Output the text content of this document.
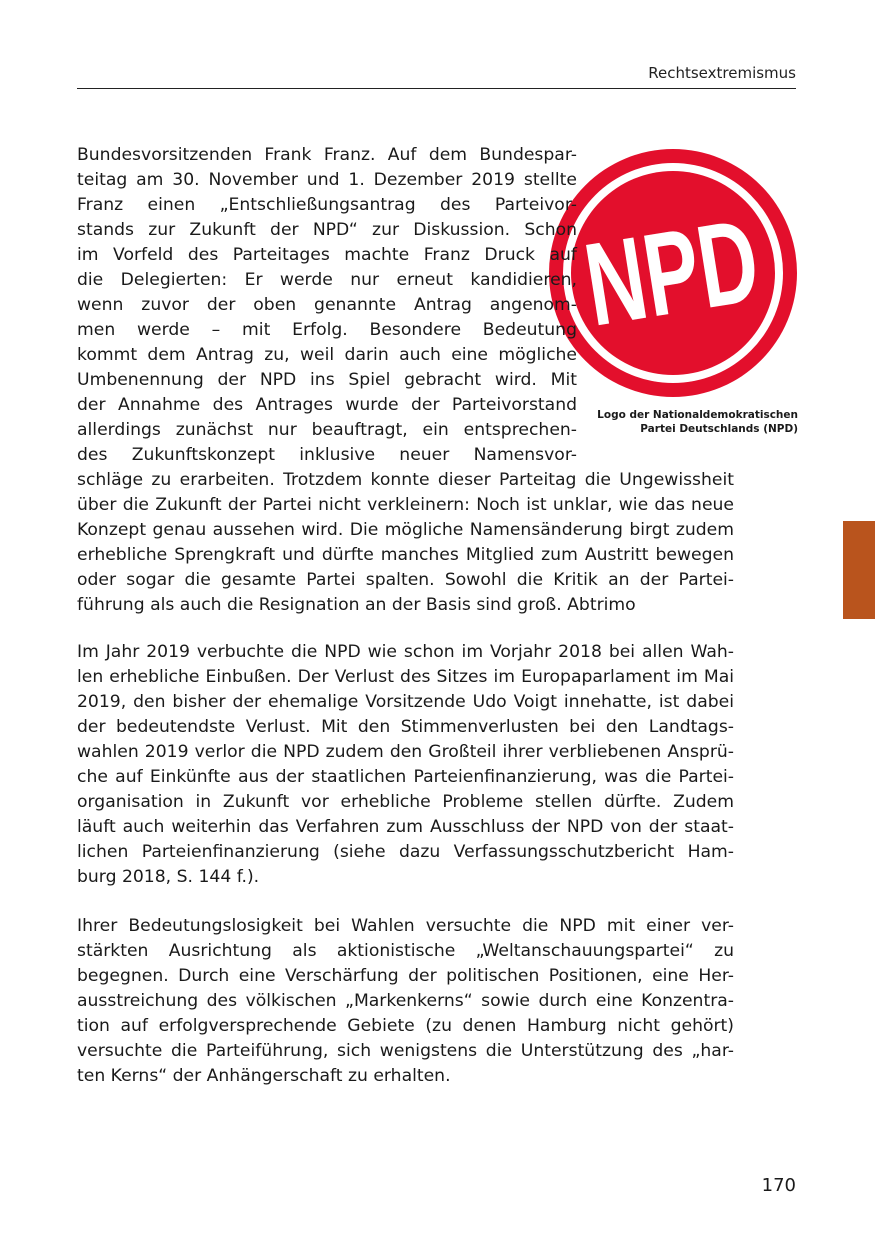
Rechtsextremismus
NPD
Logo der Nationaldemokratischen
Partei Deutschlands (NPD)
Bundesvorsitzenden Frank Franz. Auf dem Bundespar-
teitag am 30. November und 1. Dezember 2019 stellte
Franz einen „Entschließungsantrag des Parteivor-
stands zur Zukunft der NPD“ zur Diskussion. Schon
im Vorfeld des Parteitages machte Franz Druck auf
die Delegierten: Er werde nur erneut kandidieren,
wenn zuvor der oben genannte Antrag angenom-
men werde – mit Erfolg. Besondere Bedeutung
kommt dem Antrag zu, weil darin auch eine mögliche
Umbenennung der NPD ins Spiel gebracht wird. Mit
der Annahme des Antrages wurde der Parteivorstand
allerdings zunächst nur beauftragt, ein entsprechen-
des Zukunftskonzept inklusive neuer Namensvor-
schläge zu erarbeiten. Trotzdem konnte dieser Parteitag die Ungewissheit
über die Zukunft der Partei nicht verkleinern: Noch ist unklar, wie das neue
Konzept genau aussehen wird. Die mögliche Namensänderung birgt zudem
erhebliche Sprengkraft und dürfte manches Mitglied zum Austritt bewegen
oder sogar die gesamte Partei spalten. Sowohl die Kritik an der Partei-
führung als auch die Resignation an der Basis sind groß. Abtrimo
Im Jahr 2019 verbuchte die NPD wie schon im Vorjahr 2018 bei allen Wah-
len erhebliche Einbußen. Der Verlust des Sitzes im Europaparlament im Mai
2019, den bisher der ehemalige Vorsitzende Udo Voigt innehatte, ist dabei
der bedeutendste Verlust. Mit den Stimmenverlusten bei den Landtags-
wahlen 2019 verlor die NPD zudem den Großteil ihrer verbliebenen Ansprü-
che auf Einkünfte aus der staatlichen Parteienfinanzierung, was die Partei-
organisation in Zukunft vor erhebliche Probleme stellen dürfte. Zudem
läuft auch weiterhin das Verfahren zum Ausschluss der NPD von der staat-
lichen Parteienfinanzierung (siehe dazu Verfassungsschutzbericht Ham-
burg 2018, S. 144 f.).
Ihrer Bedeutungslosigkeit bei Wahlen versuchte die NPD mit einer ver-
stärkten Ausrichtung als aktionistische „Weltanschauungspartei“ zu
begegnen. Durch eine Verschärfung der politischen Positionen, eine Her-
ausstreichung des völkischen „Markenkerns“ sowie durch eine Konzentra-
tion auf erfolgversprechende Gebiete (zu denen Hamburg nicht gehört)
versuchte die Parteiführung, sich wenigstens die Unterstützung des „har-
ten Kerns“ der Anhängerschaft zu erhalten.
170
